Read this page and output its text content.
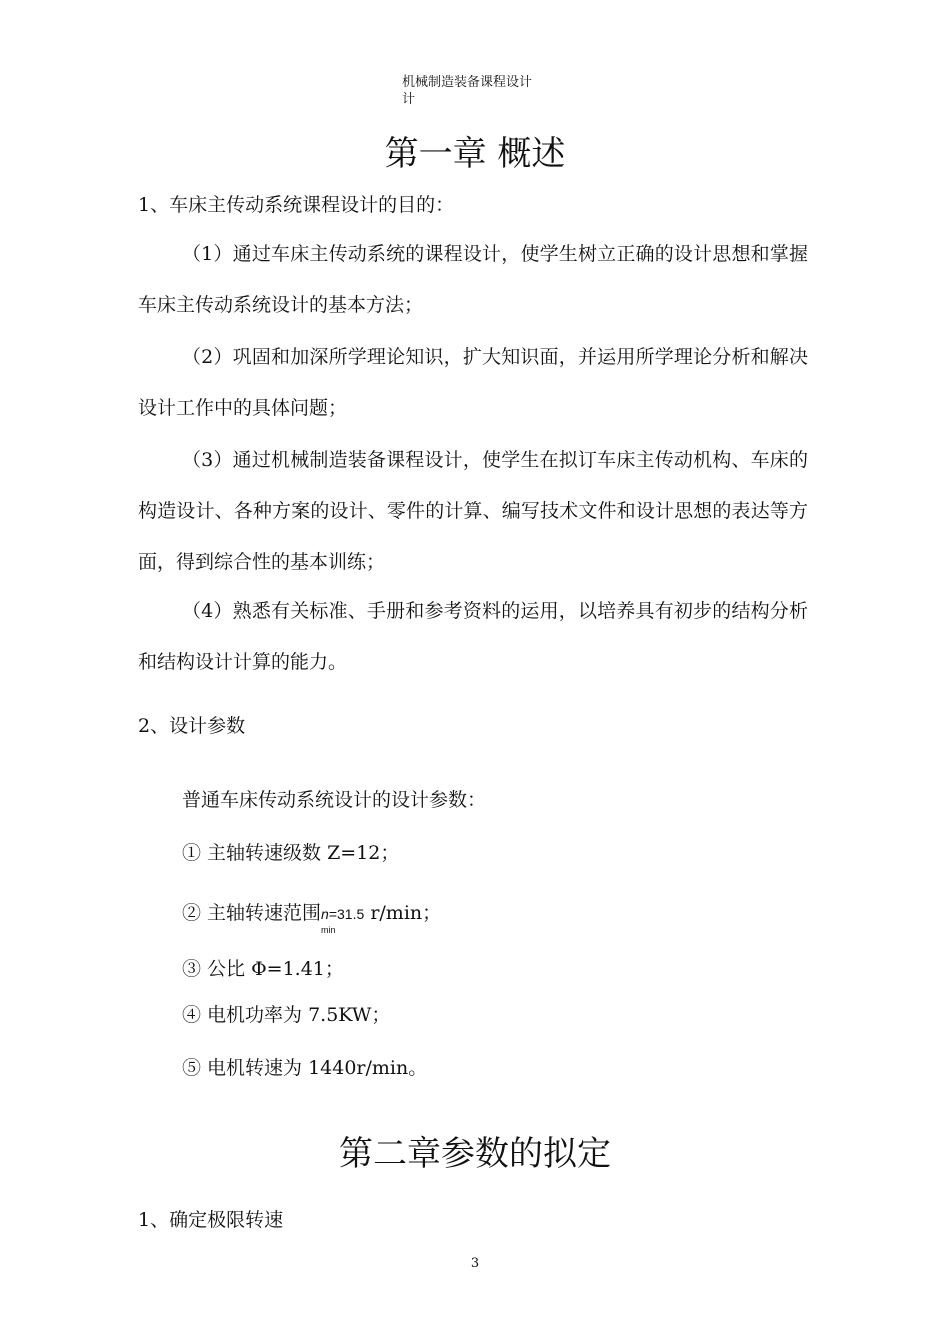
机械制造装备课程设计
计
第一章 概述

1、车床主传动系统课程设计的目的：

（1）通过车床主传动系统的课程设计，使学生树立正确的设计思想和掌握车床主传动系统设计的基本方法；

（2）巩固和加深所学理论知识，扩大知识面，并运用所学理论分析和解决设计工作中的具体问题；

（3）通过机械制造装备课程设计，使学生在拟订车床主传动机构、车床的构造设计、各种方案的设计、零件的计算、编写技术文件和设计思想的表达等方面，得到综合性的基本训练；

（4）熟悉有关标准、手册和参考资料的运用，以培养具有初步的结构分析和结构设计计算的能力。

2、设计参数

普通车床传动系统设计的设计参数：

① 主轴转速级数 Z=12；

② 主轴转速范围n
min
=31.5 r/min；

③ 公比 Φ=1.41；

④ 电机功率为 7.5KW；

⑤ 电机转速为 1440r/min。

第二章参数的拟定

1、确定极限转速

3
